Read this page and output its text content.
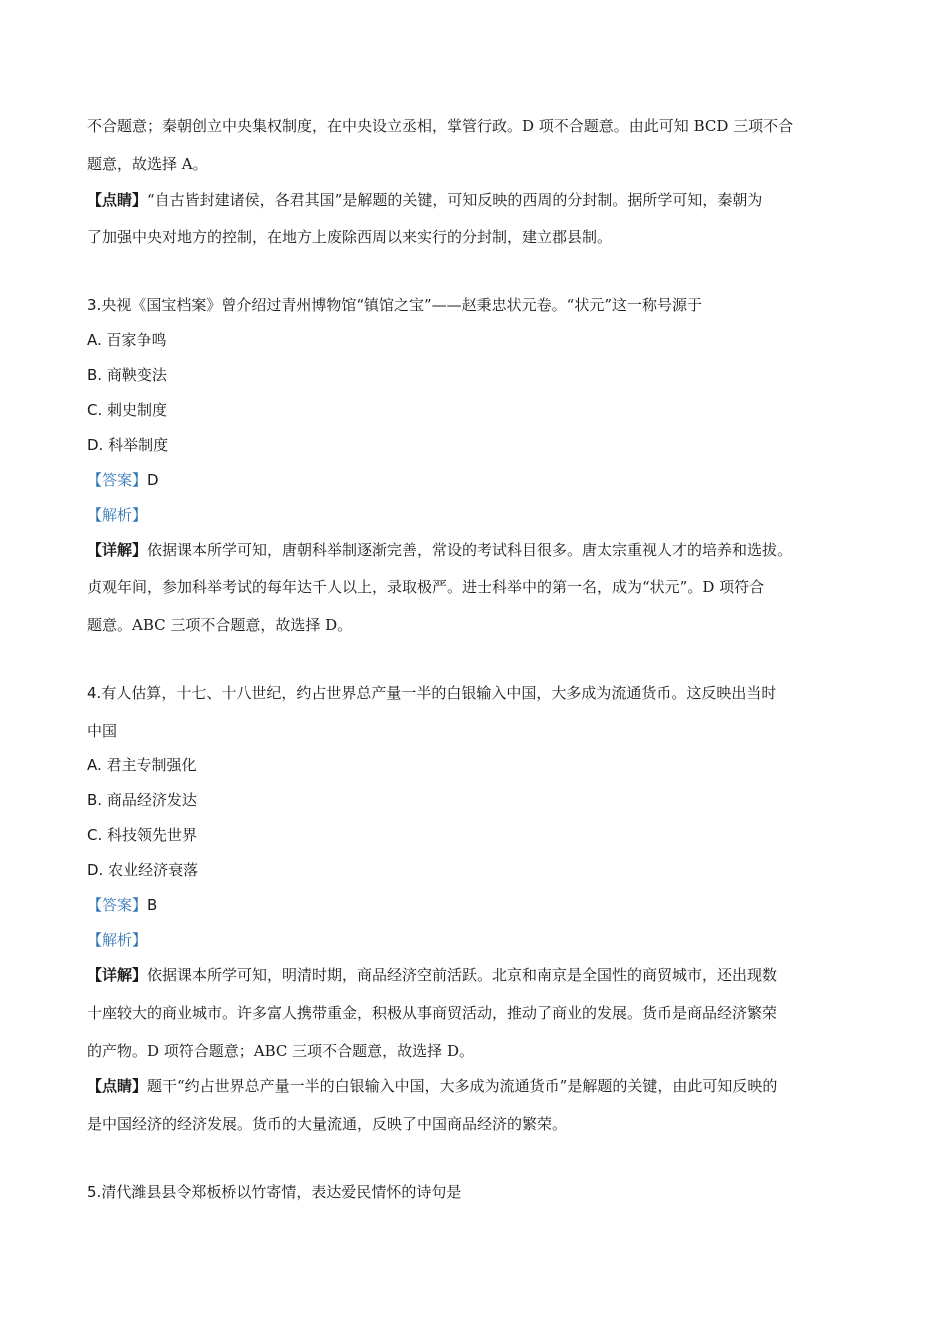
不合题意；秦朝创立中央集权制度，在中央设立丞相，掌管行政。D 项不合题意。由此可知 BCD 三项不合
题意，故选择 A。
【点睛】“自古皆封建诸侯，各君其国”是解题的关键，可知反映的西周的分封制。据所学可知，秦朝为
了加强中央对地方的控制，在地方上废除西周以来实行的分封制，建立郡县制。
3.央视《国宝档案》曾介绍过青州博物馆“镇馆之宝”——赵秉忠状元卷。“状元”这一称号源于
A. 百家争鸣
B. 商鞅变法
C. 刺史制度
D. 科举制度
【答案】D
【解析】
【详解】依据课本所学可知，唐朝科举制逐渐完善，常设的考试科目很多。唐太宗重视人才的培养和选拔。
贞观年间，参加科举考试的每年达千人以上，录取极严。进士科举中的第一名，成为“状元”。D 项符合
题意。ABC 三项不合题意，故选择 D。
4.有人估算，十七、十八世纪，约占世界总产量一半的白银输入中国，大多成为流通货币。这反映出当时
中国
A. 君主专制强化
B. 商品经济发达
C. 科技领先世界
D. 农业经济衰落
【答案】B
【解析】
【详解】依据课本所学可知，明清时期，商品经济空前活跃。北京和南京是全国性的商贸城市，还出现数
十座较大的商业城市。许多富人携带重金，积极从事商贸活动，推动了商业的发展。货币是商品经济繁荣
的产物。D 项符合题意；ABC 三项不合题意，故选择 D。
【点睛】题干“约占世界总产量一半的白银输入中国，大多成为流通货币”是解题的关键，由此可知反映的
是中国经济的经济发展。货币的大量流通，反映了中国商品经济的繁荣。
5.清代潍县县令郑板桥以竹寄情，表达爱民情怀的诗句是
